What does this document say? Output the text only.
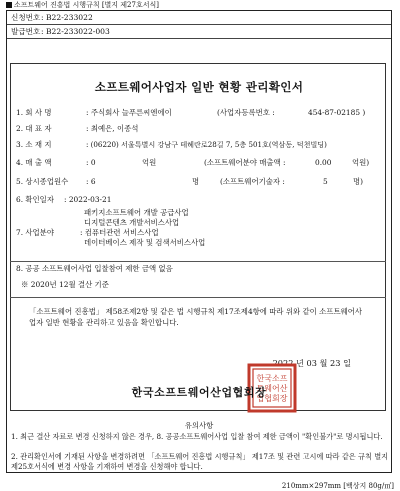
소프트웨어 진흥법 시행규칙 [별지 제27호서식]
신청번호: B22-233022
발급번호: B22-233022-003
소프트웨어사업자 일반 현황 관리확인서
1. 회 사 명	: 주식회사 늘푸른씨엔에이	(사업자등록번호 :	454-87-02185 )
2. 대 표 자	: 최예은, 이종석
3. 소 재 지	: (06220) 서울특별시 강남구 테헤란로28길 7, 5층 501호(역삼동, 덕천빌딩)
4. 매 출 액	: 0	억원	(소프트웨어분야 매출액 :	0.00	억원)
5. 상시종업원수 : 6	명	(소프트웨어기술자 :	5	명)
6. 확인일자 : 2022-03-21
패키지소프트웨어 개발 공급사업
디지털콘텐츠 개발서비스사업
7. 사업분야	: 컴퓨터관련 서비스사업
데이터베이스 제작 및 검색서비스사업
8. 공공 소프트웨어사업 입찰참여 제한 금액 없음
※ 2020년 12월 결산 기준
「소프트웨어 진흥법」 제58조제2항 및 같은 법 시행규칙 제17조제4항에 따라 위와 같이 소프트웨어사업자 일반 현황을 관리하고 있음을 확인합니다.
2022 년 03 월 23 일
한국소프
트웨어산
업협회장
한국소프트웨어산업협회장
유의사항
1. 최근 결산 자료로 변경 신청하지 않은 경우, 8. 공공소프트웨어사업 입찰 참여 제한 금액이 "확인불가"로 명시됩니다.
2. 관리확인서에 기재된 사항을 변경하려면 「소프트웨어 진흥법 시행규칙」 제17조 및 관련 고시에 따라 같은 규칙 별지 제25호서식에 변경 사항을 기재하여 변경을 신청해야 합니다.
210mm×297mm [백상지 80g/㎡]
